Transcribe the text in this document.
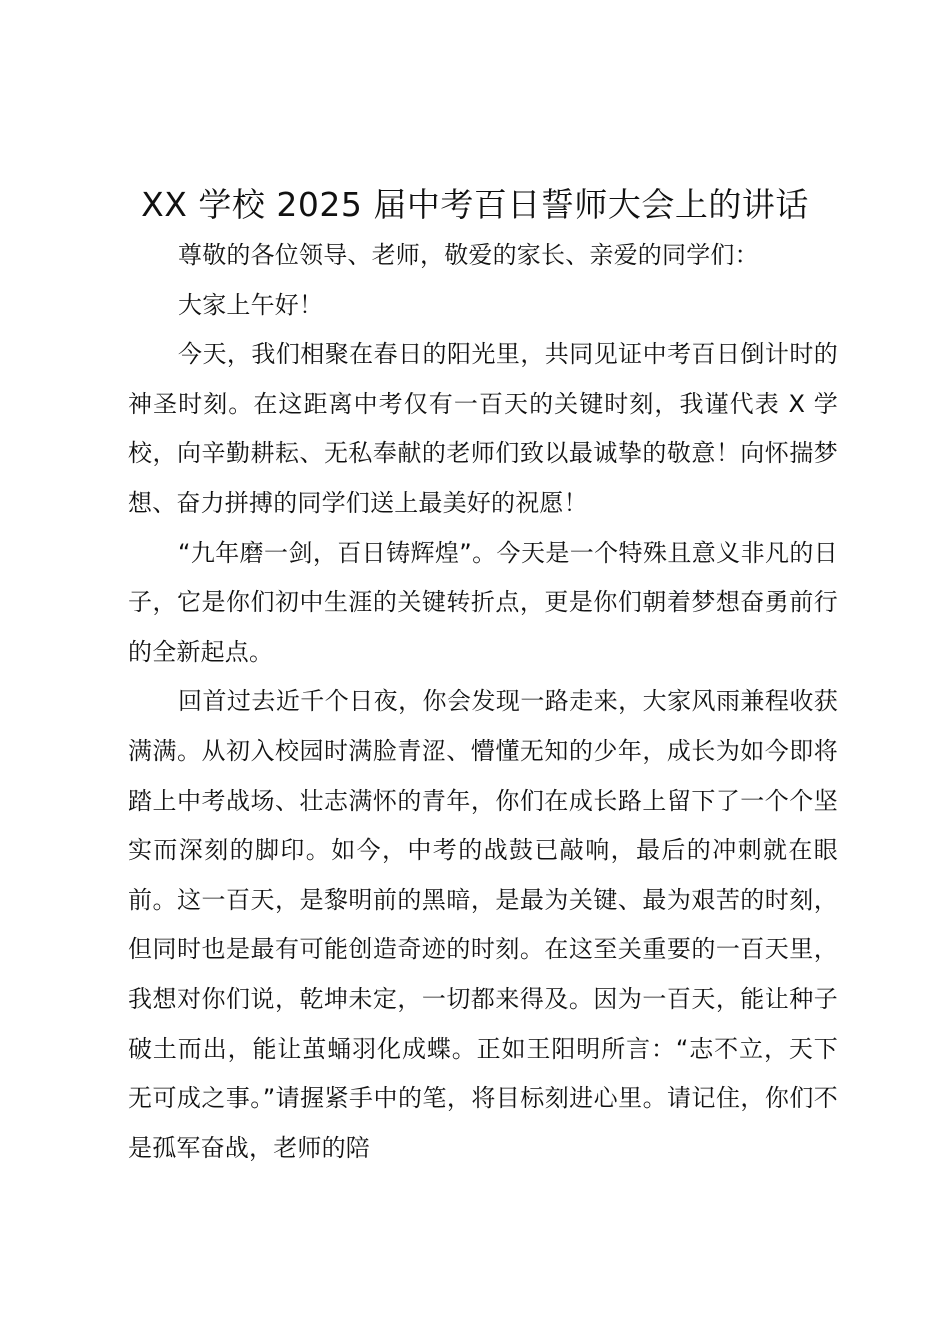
XX 学校 2025 届中考百日誓师大会上的讲话

尊敬的各位领导、老师，敬爱的家长、亲爱的同学们：

大家上午好！

今天，我们相聚在春日的阳光里，共同见证中考百日倒计时的神圣时刻。在这距离中考仅有一百天的关键时刻，我谨代表 X 学校，向辛勤耕耘、无私奉献的老师们致以最诚挚的敬意！向怀揣梦想、奋力拼搏的同学们送上最美好的祝愿！

“九年磨一剑，百日铸辉煌”。今天是一个特殊且意义非凡的日子，它是你们初中生涯的关键转折点，更是你们朝着梦想奋勇前行的全新起点。

回首过去近千个日夜，你会发现一路走来，大家风雨兼程收获满满。从初入校园时满脸青涩、懵懂无知的少年，成长为如今即将踏上中考战场、壮志满怀的青年，你们在成长路上留下了一个个坚实而深刻的脚印。如今，中考的战鼓已敲响，最后的冲刺就在眼前。这一百天，是黎明前的黑暗，是最为关键、最为艰苦的时刻，但同时也是最有可能创造奇迹的时刻。在这至关重要的一百天里，我想对你们说，乾坤未定，一切都来得及。因为一百天，能让种子破土而出，能让茧蛹羽化成蝶。正如王阳明所言：“志不立，天下无可成之事。”请握紧手中的笔，将目标刻进心里。请记住，你们不是孤军奋战，老师的陪
